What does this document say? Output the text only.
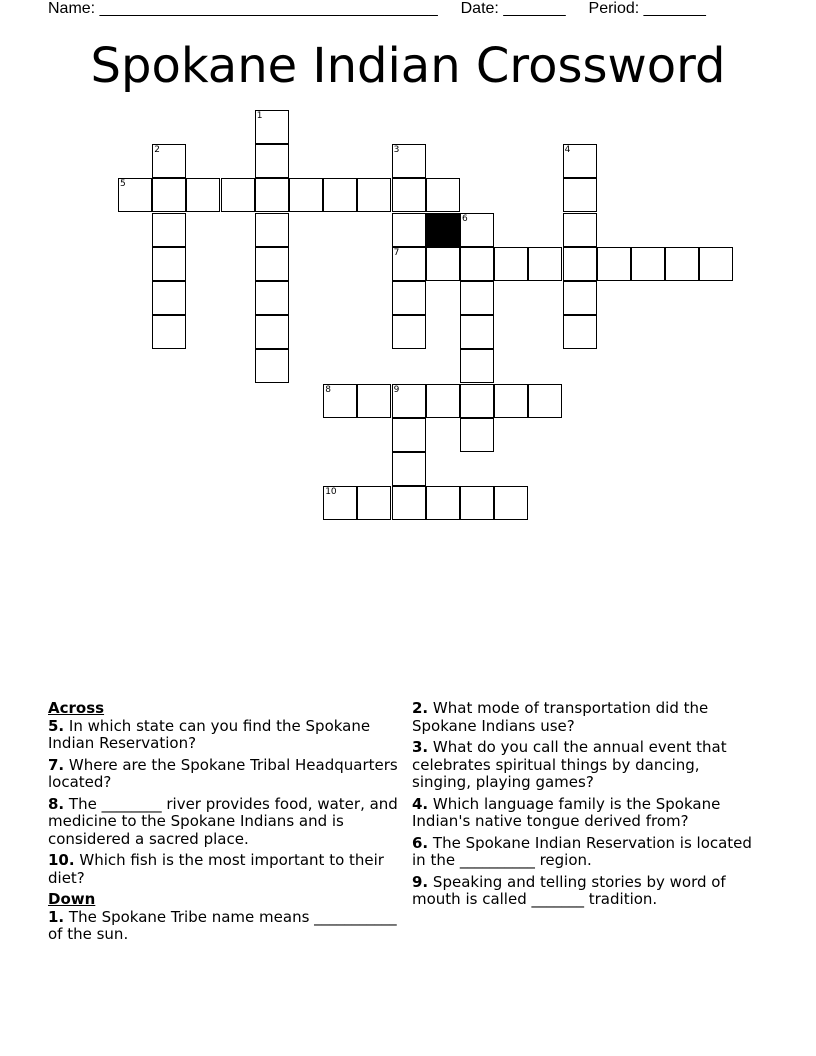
Name: ______________________________________ Date: _______ Period: _______
Spokane Indian Crossword
5
7
8	9
10
1
2	3	4
6

Across

5. In which state can you find the Spokane Indian Reservation?

7. Where are the Spokane Tribal Headquarters located?

8. The ________ river provides food, water, and medicine to the Spokane Indians and is considered a sacred place.

10. Which fish is the most important to their diet?

Down

1. The Spokane Tribe name means ___________ of the sun.

2. What mode of transportation did the Spokane Indians use?

3. What do you call the annual event that celebrates spiritual things by dancing, singing, playing games?

4. Which language family is the Spokane Indian's native tongue derived from?

6. The Spokane Indian Reservation is located in the __________ region.

9. Speaking and telling stories by word of mouth is called _______ tradition.
